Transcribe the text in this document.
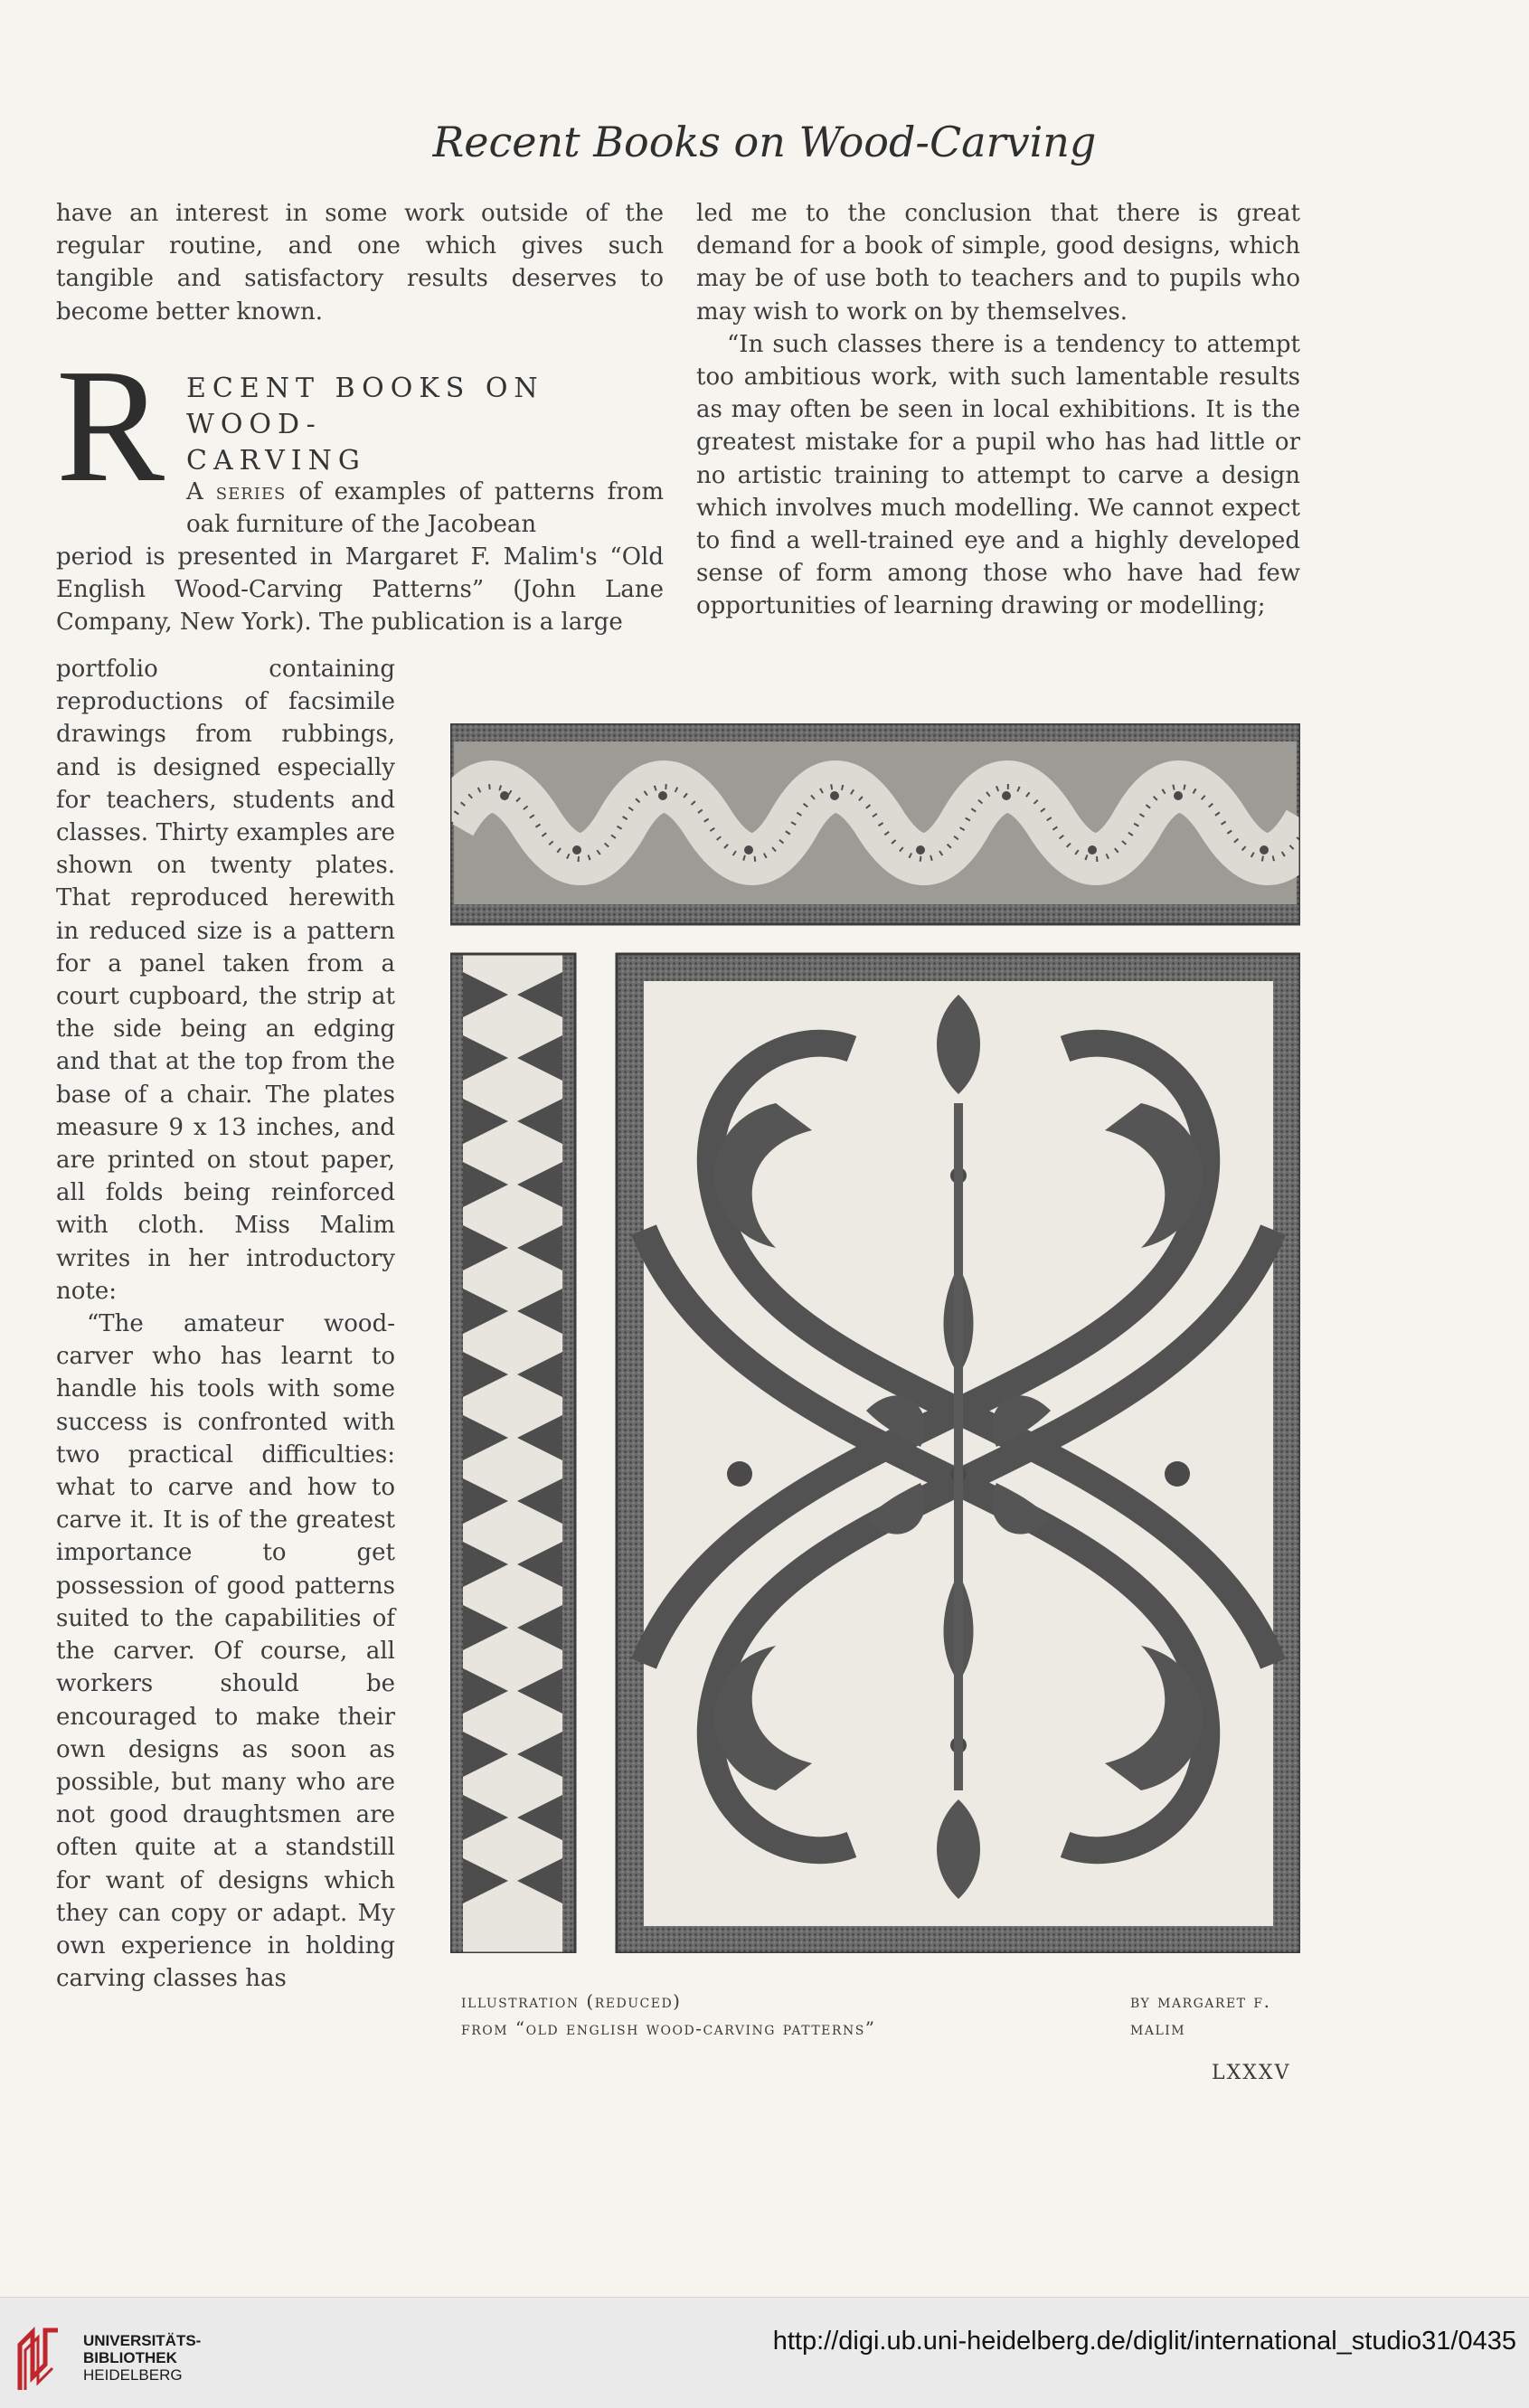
Recent Books on Wood-Carving

have an interest in some work outside of the regular routine, and one which gives such tangible and satisfactory results deserves to become better known.

R ECENT BOOKS ON WOOD-
CARVING
A series of examples of patterns from oak furniture of the Jacobean
period is presented in Margaret F. Malim's “Old English Wood-Carving Patterns” (John Lane Company, New York). The publication is a large

portfolio containing reproductions of facsimile drawings from rubbings, and is designed especially for teachers, students and classes. Thirty examples are shown on twenty plates. That reproduced herewith in reduced size is a pattern for a panel taken from a court cupboard, the strip at the side being an edging and that at the top from the base of a chair. The plates measure 9 x 13 inches, and are printed on stout paper, all folds being reinforced with cloth. Miss Malim writes in her introductory note:

“The amateur wood-carver who has learnt to handle his tools with some success is confronted with two practical difficulties: what to carve and how to carve it. It is of the greatest importance to get possession of good patterns suited to the capabilities of the carver. Of course, all workers should be encouraged to make their own designs as soon as possible, but many who are not good draughtsmen are often quite at a standstill for want of designs which they can copy or adapt. My own experience in holding carving classes has

led me to the conclusion that there is great demand for a book of simple, good designs, which may be of use both to teachers and to pupils who may wish to work on by themselves.

“In such classes there is a tendency to attempt too ambitious work, with such lamentable results as may often be seen in local exhibitions. It is the greatest mistake for a pupil who has had little or no artistic training to attempt to carve a design which involves much modelling. We cannot expect to find a well-trained eye and a highly developed sense of form among those who have had few opportunities of learning drawing or modelling;

illustration (reduced)
from “old english wood-carving patterns”
by margaret f.
malim
LXXXV
UNIVERSITÄTS-
BIBLIOTHEK
HEIDELBERG
http://digi.ub.uni-heidelberg.de/diglit/international_studio31/0435
